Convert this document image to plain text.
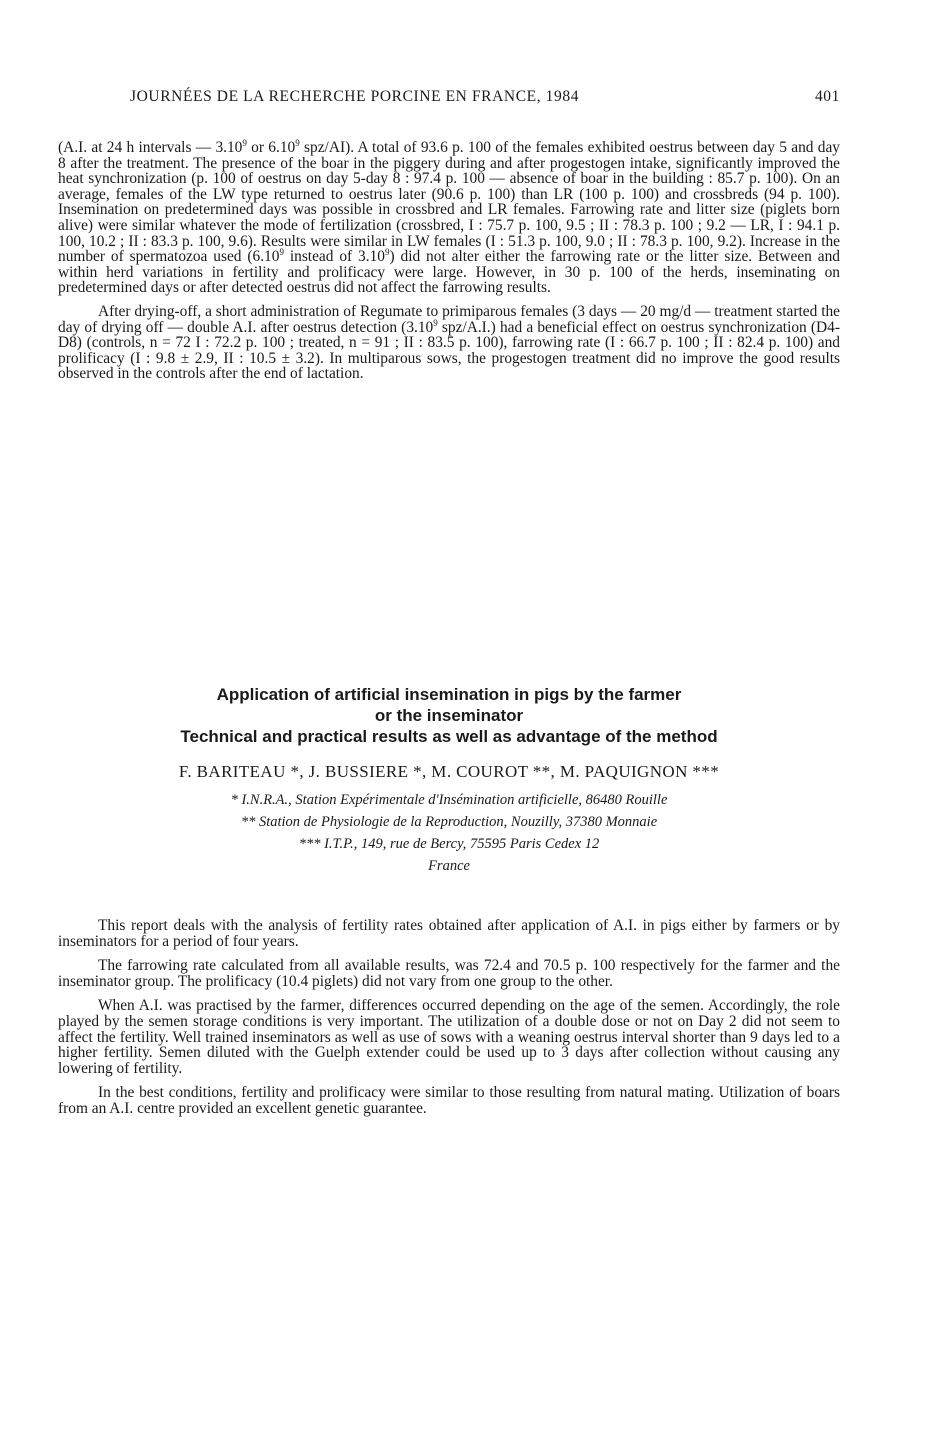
JOURNÉES DE LA RECHERCHE PORCINE EN FRANCE, 1984	401

(A.I. at 24 h intervals — 3.10$^9$ or 6.10$^9$ spz/AI). A total of 93.6 p. 100 of the females exhibited oestrus between day 5 and day 8 after the treatment. The presence of the boar in the piggery during and after progestogen intake, significantly improved the heat synchronization (p. 100 of oestrus on day 5-day 8 : 97.4 p. 100 — absence of boar in the building : 85.7 p. 100). On an average, females of the LW type returned to oestrus later (90.6 p. 100) than LR (100 p. 100) and crossbreds (94 p. 100). Insemination on predetermined days was possible in crossbred and LR females. Farrowing rate and litter size (piglets born alive) were similar whatever the mode of fertilization (crossbred, I : 75.7 p. 100, 9.5 ; II : 78.3 p. 100 ; 9.2 — LR, I : 94.1 p. 100, 10.2 ; II : 83.3 p. 100, 9.6). Results were similar in LW females (I : 51.3 p. 100, 9.0 ; II : 78.3 p. 100, 9.2). Increase in the number of spermatozoa used (6.10$^9$ instead of 3.10$^9$) did not alter either the farrowing rate or the litter size. Between and within herd variations in fertility and prolificacy were large. However, in 30 p. 100 of the herds, inseminating on predetermined days or after detected oestrus did not affect the farrowing results.

After drying-off, a short administration of Regumate to primiparous females (3 days — 20 mg/d — treatment started the day of drying off — double A.I. after oestrus detection (3.10$^9$ spz/A.I.) had a beneficial effect on oestrus synchronization (D4-D8) (controls, n = 72 I : 72.2 p. 100 ; treated, n = 91 ; II : 83.5 p. 100), farrowing rate (I : 66.7 p. 100 ; II : 82.4 p. 100) and prolificacy (I : 9.8 ± 2.9, II : 10.5 ± 3.2). In multiparous sows, the progestogen treatment did no improve the good results observed in the controls after the end of lactation.

Application of artificial insemination in pigs by the farmer
or the inseminator
Technical and practical results as well as advantage of the method

F. BARITEAU *, J. BUSSIERE *, M. COUROT **, M. PAQUIGNON ***

* I.N.R.A., Station Expérimentale d'Insémination artificielle, 86480 Rouille
** Station de Physiologie de la Reproduction, Nouzilly, 37380 Monnaie
*** I.T.P., 149, rue de Bercy, 75595 Paris Cedex 12
France

This report deals with the analysis of fertility rates obtained after application of A.I. in pigs either by farmers or by inseminators for a period of four years.

The farrowing rate calculated from all available results, was 72.4 and 70.5 p. 100 respectively for the farmer and the inseminator group. The prolificacy (10.4 piglets) did not vary from one group to the other.

When A.I. was practised by the farmer, differences occurred depending on the age of the semen. Accordingly, the role played by the semen storage conditions is very important. The utilization of a double dose or not on Day 2 did not seem to affect the fertility. Well trained inseminators as well as use of sows with a weaning oestrus interval shorter than 9 days led to a higher fertility. Semen diluted with the Guelph extender could be used up to 3 days after collection without causing any lowering of fertility.

In the best conditions, fertility and prolificacy were similar to those resulting from natural mating. Utilization of boars from an A.I. centre provided an excellent genetic guarantee.
